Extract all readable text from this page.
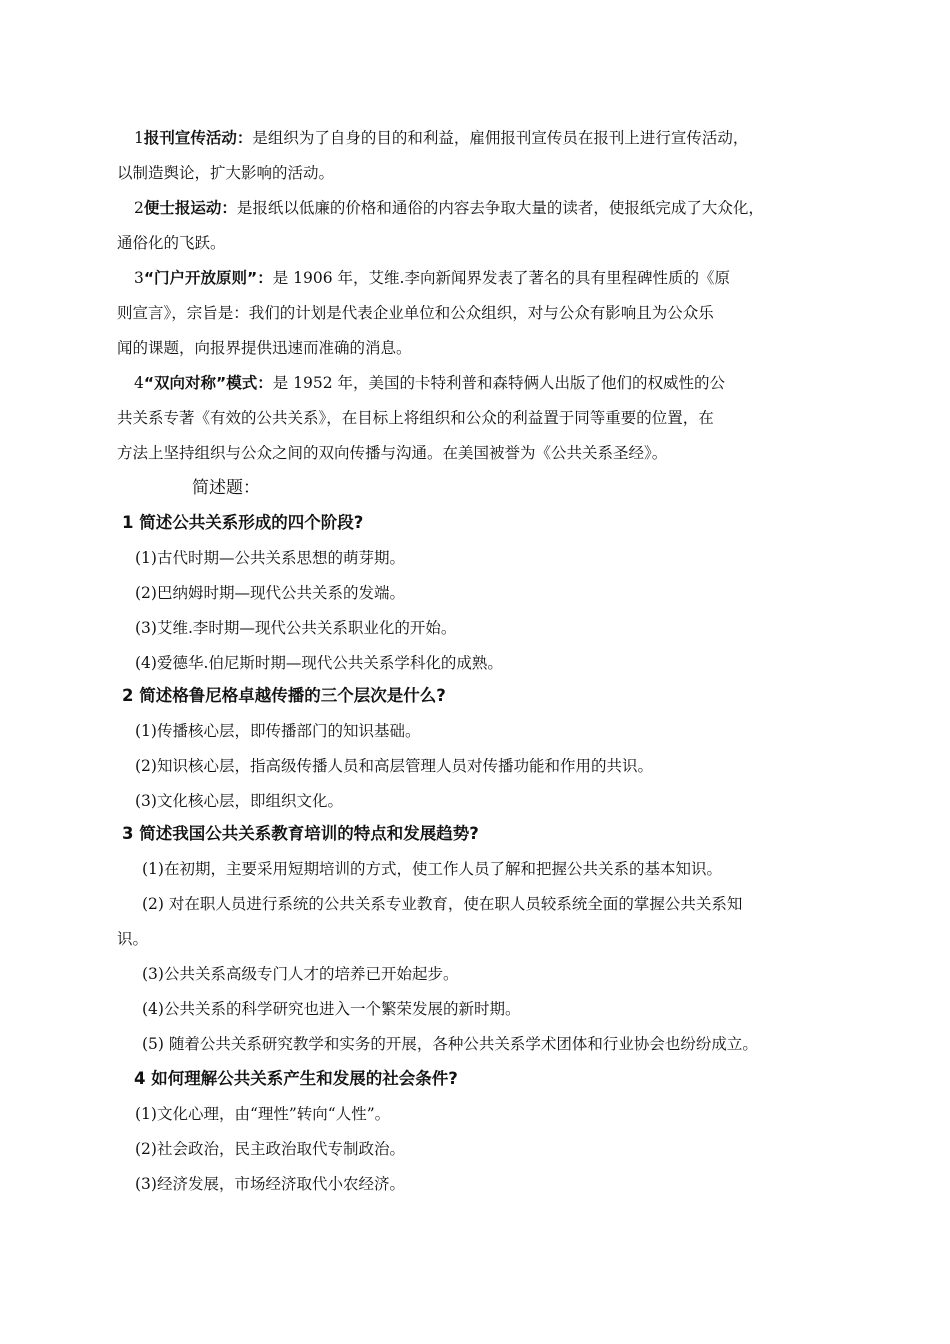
1报刊宣传活动：是组织为了自身的目的和利益，雇佣报刊宣传员在报刊上进行宣传活动，
以制造舆论，扩大影响的活动。
2便士报运动：是报纸以低廉的价格和通俗的内容去争取大量的读者，使报纸完成了大众化，
通俗化的飞跃。
3“门户开放原则”：是 1906 年，艾维.李向新闻界发表了著名的具有里程碑性质的《原
则宣言》，宗旨是：我们的计划是代表企业单位和公众组织，对与公众有影响且为公众乐
闻的课题，向报界提供迅速而准确的消息。
4“双向对称”模式：是 1952 年，美国的卡特利普和森特俩人出版了他们的权威性的公
共关系专著《有效的公共关系》，在目标上将组织和公众的利益置于同等重要的位置，在
方法上坚持组织与公众之间的双向传播与沟通。在美国被誉为《公共关系圣经》。
简述题：
1 简述公共关系形成的四个阶段?
(1)古代时期—公共关系思想的萌芽期。
(2)巴纳姆时期—现代公共关系的发端。
(3)艾维.李时期—现代公共关系职业化的开始。
(4)爱德华.伯尼斯时期—现代公共关系学科化的成熟。
2 简述格鲁尼格卓越传播的三个层次是什么?
(1)传播核心层，即传播部门的知识基础。
(2)知识核心层，指高级传播人员和高层管理人员对传播功能和作用的共识。
(3)文化核心层，即组织文化。
3 简述我国公共关系教育培训的特点和发展趋势?
(1)在初期，主要采用短期培训的方式，使工作人员了解和把握公共关系的基本知识。
(2) 对在职人员进行系统的公共关系专业教育，使在职人员较系统全面的掌握公共关系知
识。
(3)公共关系高级专门人才的培养已开始起步。
(4)公共关系的科学研究也进入一个繁荣发展的新时期。
(5) 随着公共关系研究教学和实务的开展，各种公共关系学术团体和行业协会也纷纷成立。
4 如何理解公共关系产生和发展的社会条件?
(1)文化心理，由“理性”转向“人性”。
(2)社会政治，民主政治取代专制政治。
(3)经济发展，市场经济取代小农经济。
